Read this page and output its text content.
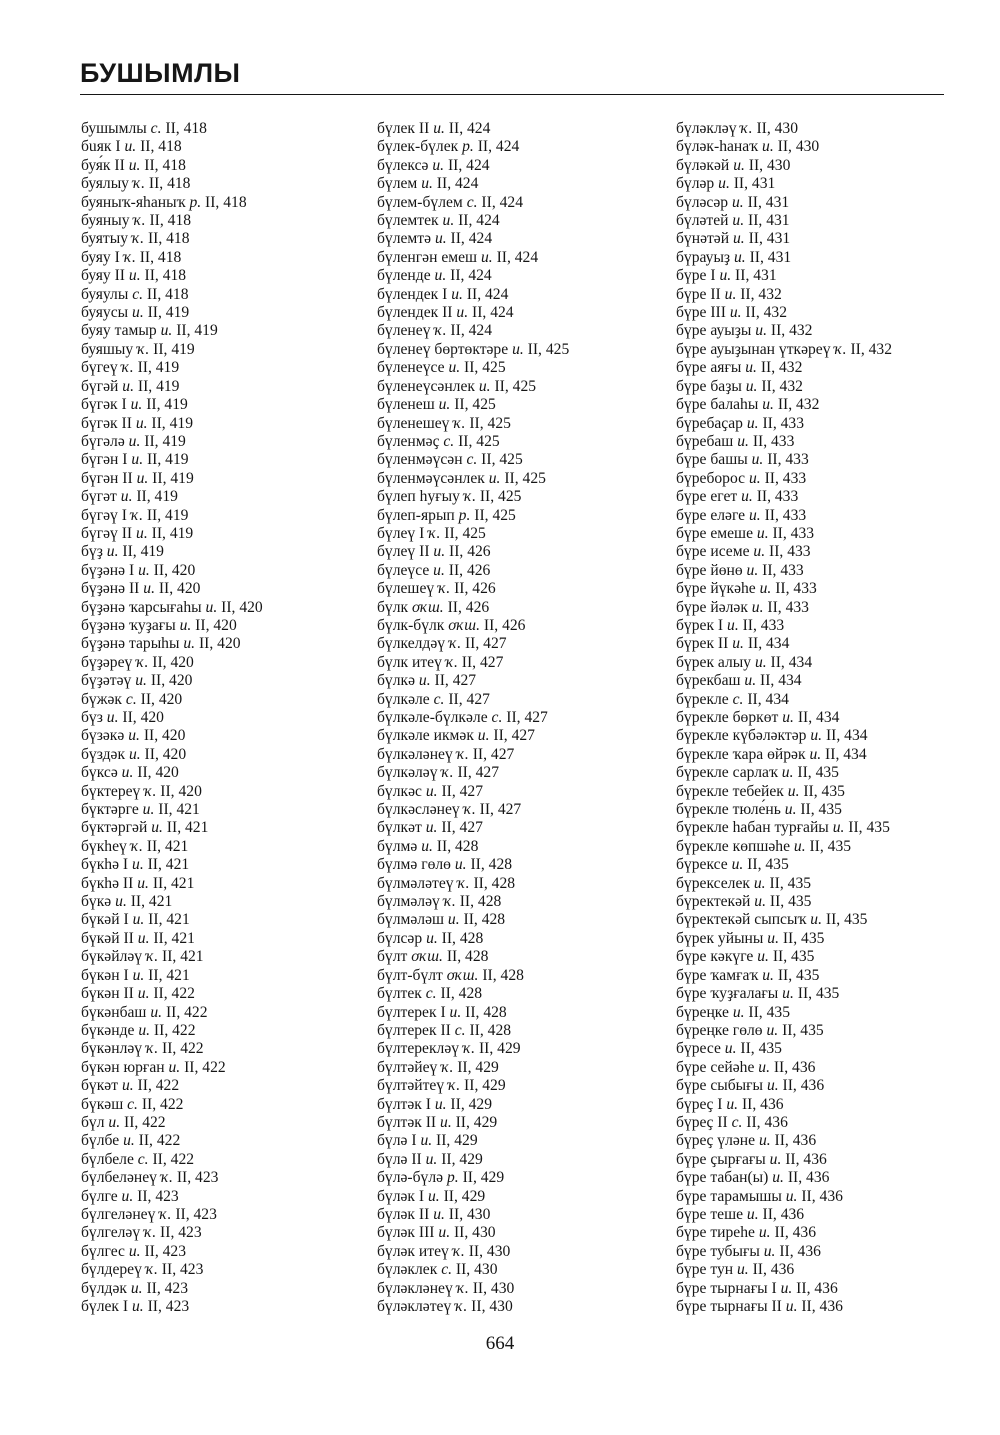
БУШЫМЛЫ
бушымлы с. II, 418
бuяк I и. II, 418
буя́к II и. II, 418
буялыу ҡ. II, 418
буяныҡ-яһаныҡ р. II, 418
буяныу ҡ. II, 418
буятыу ҡ. II, 418
буяу I ҡ. II, 418
буяу II и. II, 418
буяулы с. II, 418
буяусы и. II, 419
буяу тамыр и. II, 419
буяшыу ҡ. II, 419
бүгеү ҡ. II, 419
бүгәй и. II, 419
бүгәк I и. II, 419
бүгәк II и. II, 419
бүгәлә и. II, 419
бүгән I и. II, 419
бүгән II и. II, 419
бүгәт и. II, 419
бүгәү I ҡ. II, 419
бүгәү II и. II, 419
бүҙ и. II, 419
бүҙәнә I и. II, 420
бүҙәнә II и. II, 420
бүҙәнә ҡарсығаһы и. II, 420
бүҙәнә ҡуҙағы и. II, 420
бүҙәнә тарыһы и. II, 420
бүҙәреү ҡ. II, 420
бүҙәтәү и. II, 420
бүжәк с. II, 420
бүз и. II, 420
бүзәкә и. II, 420
бүздәк и. II, 420
бүксә и. II, 420
бүктереү ҡ. II, 420
бүктәрге и. II, 421
бүктәргәй и. II, 421
бүкһеү ҡ. II, 421
бүкһә I и. II, 421
бүкһә II и. II, 421
бүкә и. II, 421
бүкәй I и. II, 421
бүкәй II и. II, 421
бүкәйләү ҡ. II, 421
бүкән I и. II, 421
бүкән II и. II, 422
бүкәнбаш и. II, 422
бүкәнде и. II, 422
бүкәнләү ҡ. II, 422
бүкән юрған и. II, 422
бүкәт и. II, 422
бүкәш с. II, 422
бүл и. II, 422
бүлбе и. II, 422
бүлбеле с. II, 422
бүлбеләнеү ҡ. II, 423
бүлге и. II, 423
бүлгеләнеү ҡ. II, 423
бүлгеләү ҡ. II, 423
бүлгес и. II, 423
бүлдереү ҡ. II, 423
бүлдәк и. II, 423
бүлек I и. II, 423
бүлек II и. II, 424
бүлек-бүлек р. II, 424
бүлексә и. II, 424
бүлем и. II, 424
бүлем-бүлем с. II, 424
бүлемтек и. II, 424
бүлемтә и. II, 424
бүленгән емеш и. II, 424
бүленде и. II, 424
бүлендек I и. II, 424
бүлендек II и. II, 424
бүленеү ҡ. II, 424
бүленеү бөртөктәре и. II, 425
бүленеүсе и. II, 425
бүленеүсәнлек и. II, 425
бүленеш и. II, 425
бүленешеү ҡ. II, 425
бүленмәҫ с. II, 425
бүленмәүсән с. II, 425
бүленмәүсәнлек и. II, 425
бүлеп һуғыу ҡ. II, 425
бүлеп-ярып р. II, 425
бүлеү I ҡ. II, 425
бүлеү II и. II, 426
бүлеүсе и. II, 426
бүлешеү ҡ. II, 426
бүлк оҡш. II, 426
бүлк-бүлк оҡш. II, 426
бүлкелдәү ҡ. II, 427
бүлк итеү ҡ. II, 427
бүлкә и. II, 427
бүлкәле с. II, 427
бүлкәле-бүлкәле с. II, 427
бүлкәле икмәк и. II, 427
бүлкәләнеү ҡ. II, 427
бүлкәләү ҡ. II, 427
бүлкәс и. II, 427
бүлкәсләнеү ҡ. II, 427
бүлкәт и. II, 427
бүлмә и. II, 428
бүлмә гөлө и. II, 428
бүлмәләтеү ҡ. II, 428
бүлмәләү ҡ. II, 428
бүлмәләш и. II, 428
бүлсәр и. II, 428
бүлт оҡш. II, 428
бүлт-бүлт оҡш. II, 428
бүлтек с. II, 428
бүлтерек I и. II, 428
бүлтерек II с. II, 428
бүлтерекләү ҡ. II, 429
бүлтәйеү ҡ. II, 429
бүлтәйтеү ҡ. II, 429
бүлтәк I и. II, 429
бүлтәк II и. II, 429
бүлә I и. II, 429
бүлә II и. II, 429
бүлә-бүлә р. II, 429
бүләк I и. II, 429
бүләк II и. II, 430
бүләк III и. II, 430
бүләк итеү ҡ. II, 430
бүләклек с. II, 430
бүләкләнеү ҡ. II, 430
бүләкләтеү ҡ. II, 430
бүләкләү ҡ. II, 430
бүләк-һанаҡ и. II, 430
бүләкәй и. II, 430
бүләр и. II, 431
бүләсәр и. II, 431
бүләтей и. II, 431
бүнәтәй и. II, 431
бүрауыҙ и. II, 431
бүре I и. II, 431
бүре II и. II, 432
бүре III и. II, 432
бүре ауыҙы и. II, 432
бүре ауыҙынан үткәреү ҡ. II, 432
бүре аяғы и. II, 432
бүре баҙы и. II, 432
бүре балаһы и. II, 432
бүребаҫар и. II, 433
бүребаш и. II, 433
бүре башы и. II, 433
бүреборос и. II, 433
бүре егет и. II, 433
бүре еләге и. II, 433
бүре емеше и. II, 433
бүре исеме и. II, 433
бүре йөнө и. II, 433
бүре йүкәһе и. II, 433
бүре йәләк и. II, 433
бүрек I и. II, 433
бүрек II и. II, 434
бүрек алыу и. II, 434
бүрекбаш и. II, 434
бүрекле с. II, 434
бүрекле бөркөт и. II, 434
бүрекле күбәләктәр и. II, 434
бүрекле ҡара өйрәк и. II, 434
бүрекле сарлаҡ и. II, 435
бүрекле тебейек и. II, 435
бүрекле тюле́нь и. II, 435
бүрекле һабан турғайы и. II, 435
бүрекле көпшәһе и. II, 435
бүрексе и. II, 435
бүрекселек и. II, 435
бүректекәй и. II, 435
бүректекәй сыпсыҡ и. II, 435
бүрек уйыны и. II, 435
бүре кәкүге и. II, 435
бүре ҡамғаҡ и. II, 435
бүре ҡуҙғалағы и. II, 435
бүреңке и. II, 435
бүреңке гөлө и. II, 435
бүресе и. II, 435
бүре сейәһе и. II, 436
бүре сыбығы и. II, 436
бүреҫ I и. II, 436
бүреҫ II с. II, 436
бүреҫ үләне и. II, 436
бүре ҫырғағы и. II, 436
бүре табан(ы) и. II, 436
бүре тарамышы и. II, 436
бүре теше и. II, 436
бүре тиреһе и. II, 436
бүре тубығы и. II, 436
бүре тун и. II, 436
бүре тырнағы I и. II, 436
бүре тырнағы II и. II, 436
664
